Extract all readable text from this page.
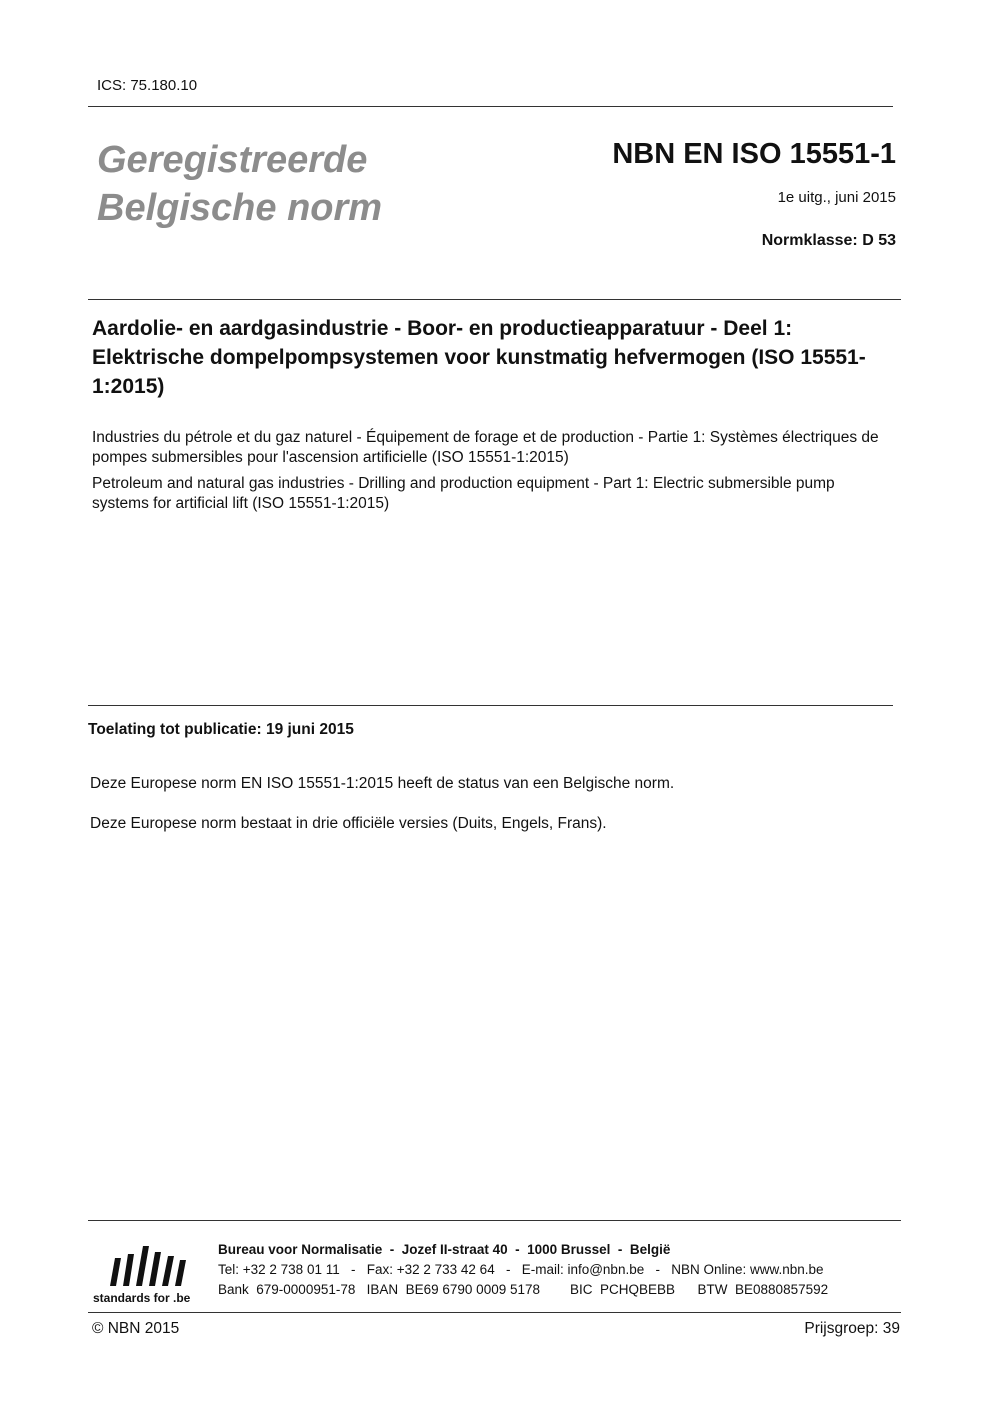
ICS: 75.180.10
Geregistreerde
Belgische norm
NBN EN ISO 15551-1
1e uitg., juni 2015
Normklasse: D 53
Aardolie- en aardgasindustrie - Boor- en productieapparatuur - Deel 1: Elektrische dompelpompsystemen voor kunstmatig hefvermogen (ISO 15551-1:2015)
Industries du pétrole et du gaz naturel - Équipement de forage et de production - Partie 1: Systèmes électriques de pompes submersibles pour l'ascension artificielle (ISO 15551-1:2015)
Petroleum and natural gas industries - Drilling and production equipment - Part 1: Electric submersible pump systems for artificial lift (ISO 15551-1:2015)
Toelating tot publicatie: 19 juni 2015
Deze Europese norm EN ISO 15551-1:2015 heeft de status van een Belgische norm.
Deze Europese norm bestaat in drie officiële versies (Duits, Engels, Frans).
standards for .be
Bureau voor Normalisatie  -  Jozef II-straat 40  -  1000 Brussel  -  België
Tel: +32 2 738 01 11   -   Fax: +32 2 733 42 64   -   E-mail: info@nbn.be   -   NBN Online: www.nbn.be
Bank  679-0000951-78   IBAN  BE69 6790 0009 5178        BIC  PCHQBEBB      BTW  BE0880857592
© NBN 2015	Prijsgroep: 39
